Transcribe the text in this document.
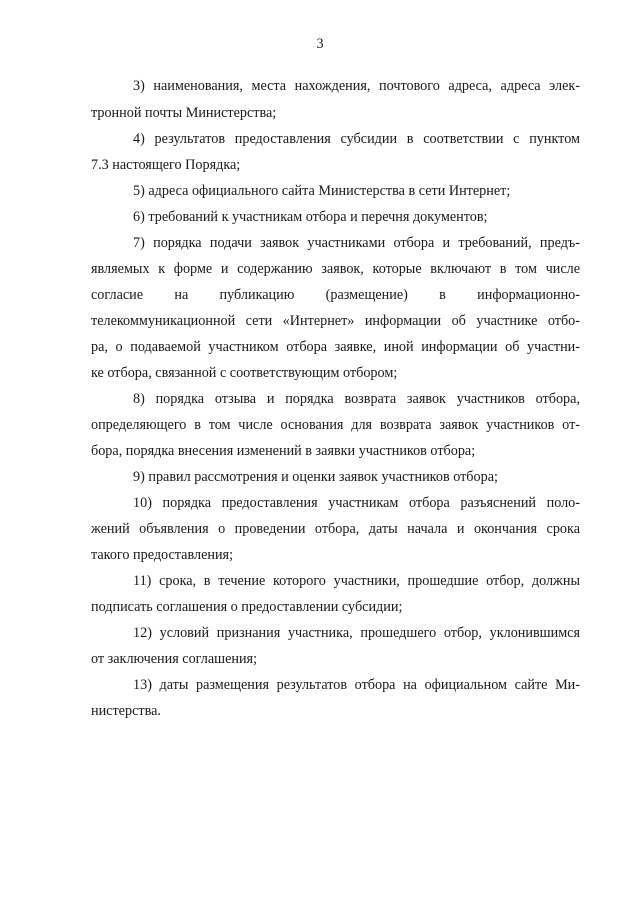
3
3) наименования, места нахождения, почтового адреса, адреса элек-
тронной почты Министерства;
4) результатов предоставления субсидии в соответствии с пунктом
7.3 настоящего Порядка;
5) адреса официального сайта Министерства в сети Интернет;
6) требований к участникам отбора и перечня документов;
7) порядка подачи заявок участниками отбора и требований, предъ-
являемых к форме и содержанию заявок, которые включают в том числе
согласие на публикацию (размещение) в информационно-
телекоммуникационной сети «Интернет» информации об участнике отбо-
ра, о подаваемой участником отбора заявке, иной информации об участни-
ке отбора, связанной с соответствующим отбором;
8) порядка отзыва и порядка возврата заявок участников отбора,
определяющего в том числе основания для возврата заявок участников от-
бора, порядка внесения изменений в заявки участников отбора;
9) правил рассмотрения и оценки заявок участников отбора;
10) порядка предоставления участникам отбора разъяснений поло-
жений объявления о проведении отбора, даты начала и окончания срока
такого предоставления;
11) срока, в течение которого участники, прошедшие отбор, должны
подписать соглашения о предоставлении субсидии;
12) условий признания участника, прошедшего отбор, уклонившимся
от заключения соглашения;
13) даты размещения результатов отбора на официальном сайте Ми-
нистерства.
